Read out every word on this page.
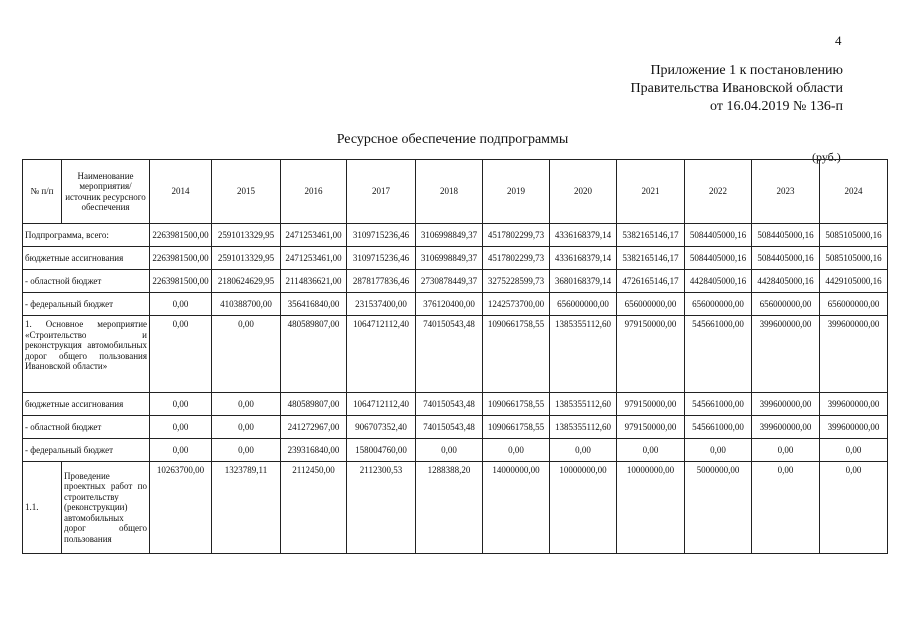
4
Приложение 1 к постановлению
Правительства Ивановской области
от 16.04.2019 № 136-п
Ресурсное обеспечение подпрограммы
(руб.)
№ п/п	Наименование мероприятия/источник ресурсного обеспечения	2014	2015	2016	2017	2018	2019	2020	2021	2022	2023	2024
Подпрограмма, всего:		2263981500,00	2591013329,95	2471253461,00	3109715236,46	3106998849,37	4517802299,73	4336168379,14	5382165146,17	5084405000,16	5084405000,16	5085105000,16
бюджетные ассигнования		2263981500,00	2591013329,95	2471253461,00	3109715236,46	3106998849,37	4517802299,73	4336168379,14	5382165146,17	5084405000,16	5084405000,16	5085105000,16
- областной бюджет		2263981500,00	2180624629,95	2114836621,00	2878177836,46	2730878449,37	3275228599,73	3680168379,14	4726165146,17	4428405000,16	4428405000,16	4429105000,16
- федеральный бюджет		0,00	410388700,00	356416840,00	231537400,00	376120400,00	1242573700,00	656000000,00	656000000,00	656000000,00	656000000,00	656000000,00
1. Основное мероприятие «Строительство и реконструкция автомобильных дорог общего пользования Ивановской области»		0,00	0,00	480589807,00	1064712112,40	740150543,48	1090661758,55	1385355112,60	979150000,00	545661000,00	399600000,00	399600000,00
бюджетные ассигнования		0,00	0,00	480589807,00	1064712112,40	740150543,48	1090661758,55	1385355112,60	979150000,00	545661000,00	399600000,00	399600000,00
- областной бюджет		0,00	0,00	241272967,00	906707352,40	740150543,48	1090661758,55	1385355112,60	979150000,00	545661000,00	399600000,00	399600000,00
- федеральный бюджет		0,00	0,00	239316840,00	158004760,00	0,00	0,00	0,00	0,00	0,00	0,00	0,00
1.1.	Проведение проектных работ по строительству (реконструкции) автомобильных дорог общего пользования	10263700,00	1323789,11	2112450,00	2112300,53	1288388,20	14000000,00	10000000,00	10000000,00	5000000,00	0,00	0,00
